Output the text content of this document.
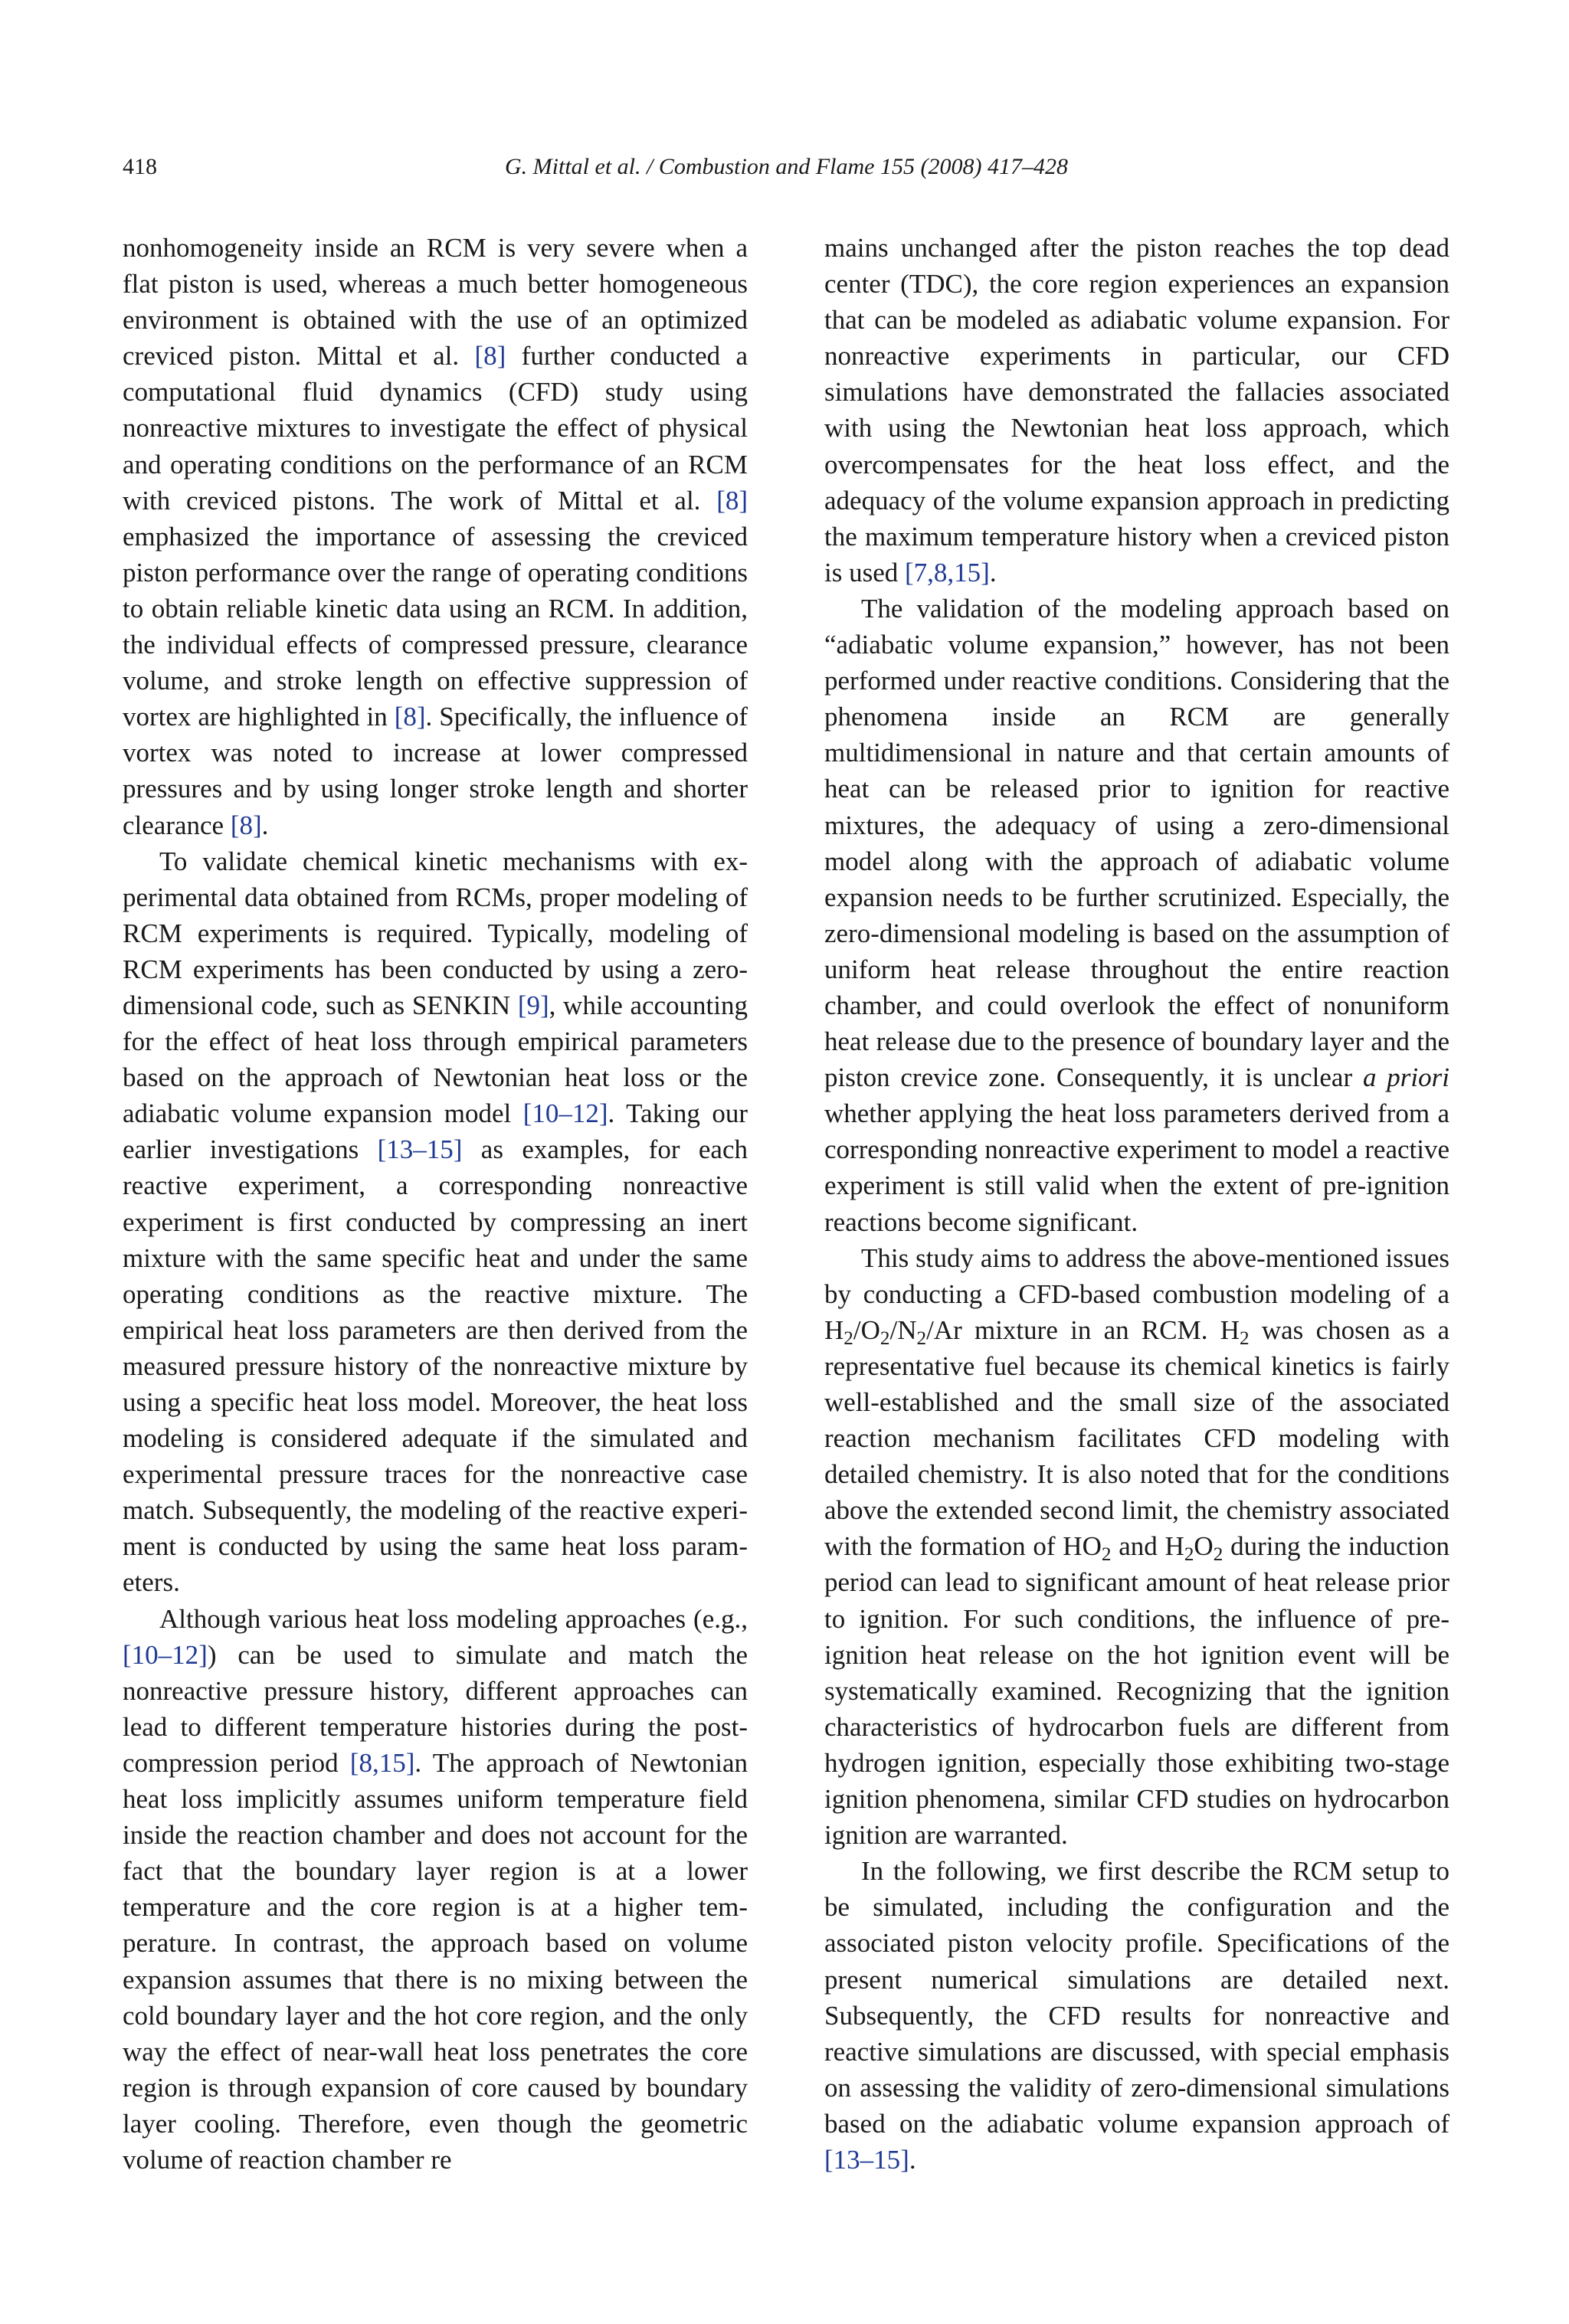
418	G. Mittal et al. / Combustion and Flame 155 (2008) 417–428

nonhomogeneity inside an RCM is very severe when a flat piston is used, whereas a much better homogeneous environment is obtained with the use of an optimized creviced piston. Mittal et al. [8] further conducted a computational fluid dynamics (CFD) study using nonreactive mixtures to investigate the effect of physical and operating conditions on the performance of an RCM with creviced pistons. The work of Mittal et al. [8] emphasized the importance of assessing the creviced piston performance over the range of operating conditions to obtain reliable kinetic data using an RCM. In addition, the individual effects of compressed pressure, clearance volume, and stroke length on effective suppression of vortex are highlighted in [8]. Specifically, the influence of vortex was noted to increase at lower compressed pressures and by using longer stroke length and shorter clearance [8].

To validate chemical kinetic mechanisms with experimental data obtained from RCMs, proper modeling of RCM experiments is required. Typically, modeling of RCM experiments has been conducted by using a zero-dimensional code, such as SENKIN [9], while accounting for the effect of heat loss through empirical parameters based on the approach of Newtonian heat loss or the adiabatic volume expansion model [10–12]. Taking our earlier investigations [13–15] as examples, for each reactive experiment, a corresponding nonreactive experiment is first conducted by compressing an inert mixture with the same specific heat and under the same operating conditions as the reactive mixture. The empirical heat loss parameters are then derived from the measured pressure history of the nonreactive mixture by using a specific heat loss model. Moreover, the heat loss modeling is considered adequate if the simulated and experimental pressure traces for the nonreactive case match. Subsequently, the modeling of the reactive experiment is conducted by using the same heat loss parameters.

Although various heat loss modeling approaches (e.g., [10–12]) can be used to simulate and match the nonreactive pressure history, different approaches can lead to different temperature histories during the postcompression period [8,15]. The approach of Newtonian heat loss implicitly assumes uniform temperature field inside the reaction chamber and does not account for the fact that the boundary layer region is at a lower temperature and the core region is at a higher temperature. In contrast, the approach based on volume expansion assumes that there is no mixing between the cold boundary layer and the hot core region, and the only way the effect of near-wall heat loss penetrates the core region is through expansion of core caused by boundary layer cooling. Therefore, even though the geometric volume of reaction chamber re

mains unchanged after the piston reaches the top dead center (TDC), the core region experiences an expansion that can be modeled as adiabatic volume expansion. For nonreactive experiments in particular, our CFD simulations have demonstrated the fallacies associated with using the Newtonian heat loss approach, which overcompensates for the heat loss effect, and the adequacy of the volume expansion approach in predicting the maximum temperature history when a creviced piston is used [7,8,15].

The validation of the modeling approach based on “adiabatic volume expansion,” however, has not been performed under reactive conditions. Considering that the phenomena inside an RCM are generally multidimensional in nature and that certain amounts of heat can be released prior to ignition for reactive mixtures, the adequacy of using a zero-dimensional model along with the approach of adiabatic volume expansion needs to be further scrutinized. Especially, the zero-dimensional modeling is based on the assumption of uniform heat release throughout the entire reaction chamber, and could overlook the effect of nonuniform heat release due to the presence of boundary layer and the piston crevice zone. Consequently, it is unclear a priori whether applying the heat loss parameters derived from a corresponding nonreactive experiment to model a reactive experiment is still valid when the extent of pre-ignition reactions become significant.

This study aims to address the above-mentioned issues by conducting a CFD-based combustion modeling of a $H_2/O_2/N_2/Ar$ mixture in an RCM. $H_2$ was chosen as a representative fuel because its chemical kinetics is fairly well-established and the small size of the associated reaction mechanism facilitates CFD modeling with detailed chemistry. It is also noted that for the conditions above the extended second limit, the chemistry associated with the formation of $HO_2$ and $H_2O_2$ during the induction period can lead to significant amount of heat release prior to ignition. For such conditions, the influence of pre-ignition heat release on the hot ignition event will be systematically examined. Recognizing that the ignition characteristics of hydrocarbon fuels are different from hydrogen ignition, especially those exhibiting two-stage ignition phenomena, similar CFD studies on hydrocarbon ignition are warranted.

In the following, we first describe the RCM setup to be simulated, including the configuration and the associated piston velocity profile. Specifications of the present numerical simulations are detailed next. Subsequently, the CFD results for nonreactive and reactive simulations are discussed, with special emphasis on assessing the validity of zero-dimensional simulations based on the adiabatic volume expansion approach of [13–15].
